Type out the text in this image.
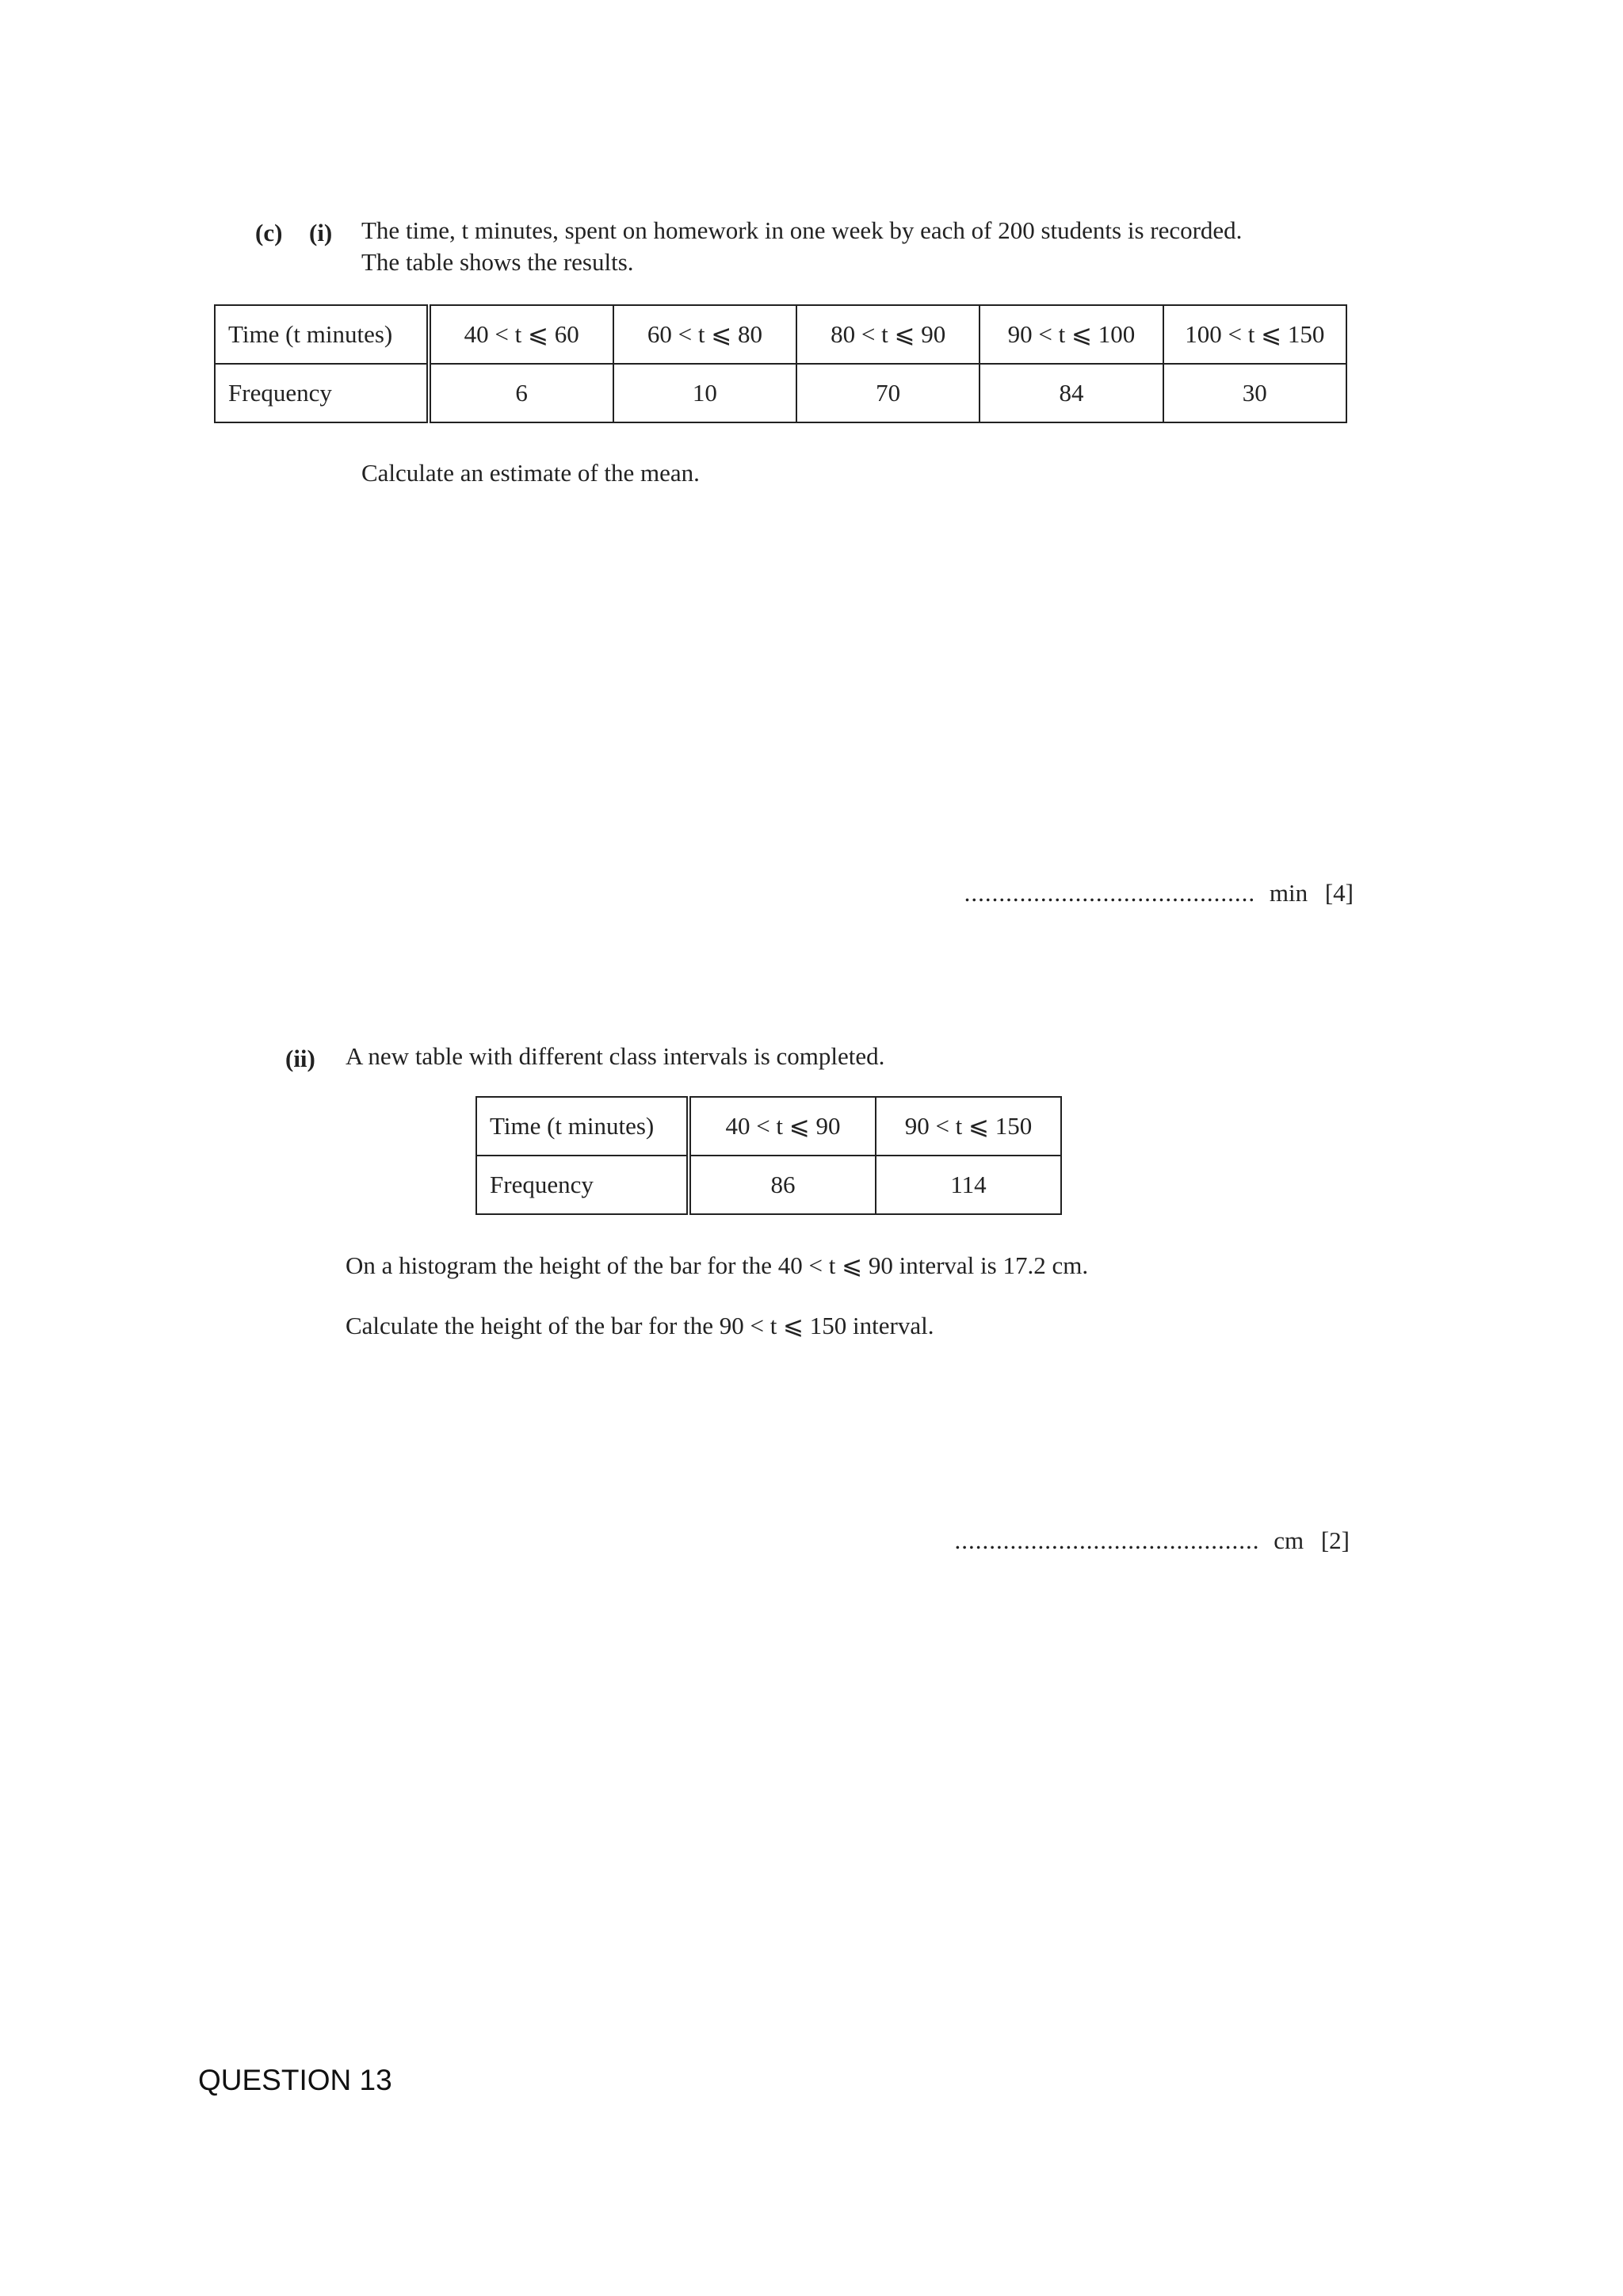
(c) (i) The time, t minutes, spent on homework in one week by each of 200 students is recorded.
The table shows the results.
Time (t minutes)	40 < t ⩽ 60	60 < t ⩽ 80	80 < t ⩽ 90	90 < t ⩽ 100	100 < t ⩽ 150
Frequency	6	10	70	84	30
Calculate an estimate of the mean.
.......................................... min [4]
(ii) A new table with different class intervals is completed.
Time (t minutes)	40 < t ⩽ 90	90 < t ⩽ 150
Frequency	86	114
On a histogram the height of the bar for the 40 < t ⩽ 90 interval is 17.2 cm.
Calculate the height of the bar for the 90 < t ⩽ 150 interval.
............................................ cm [2]
QUESTION 13
